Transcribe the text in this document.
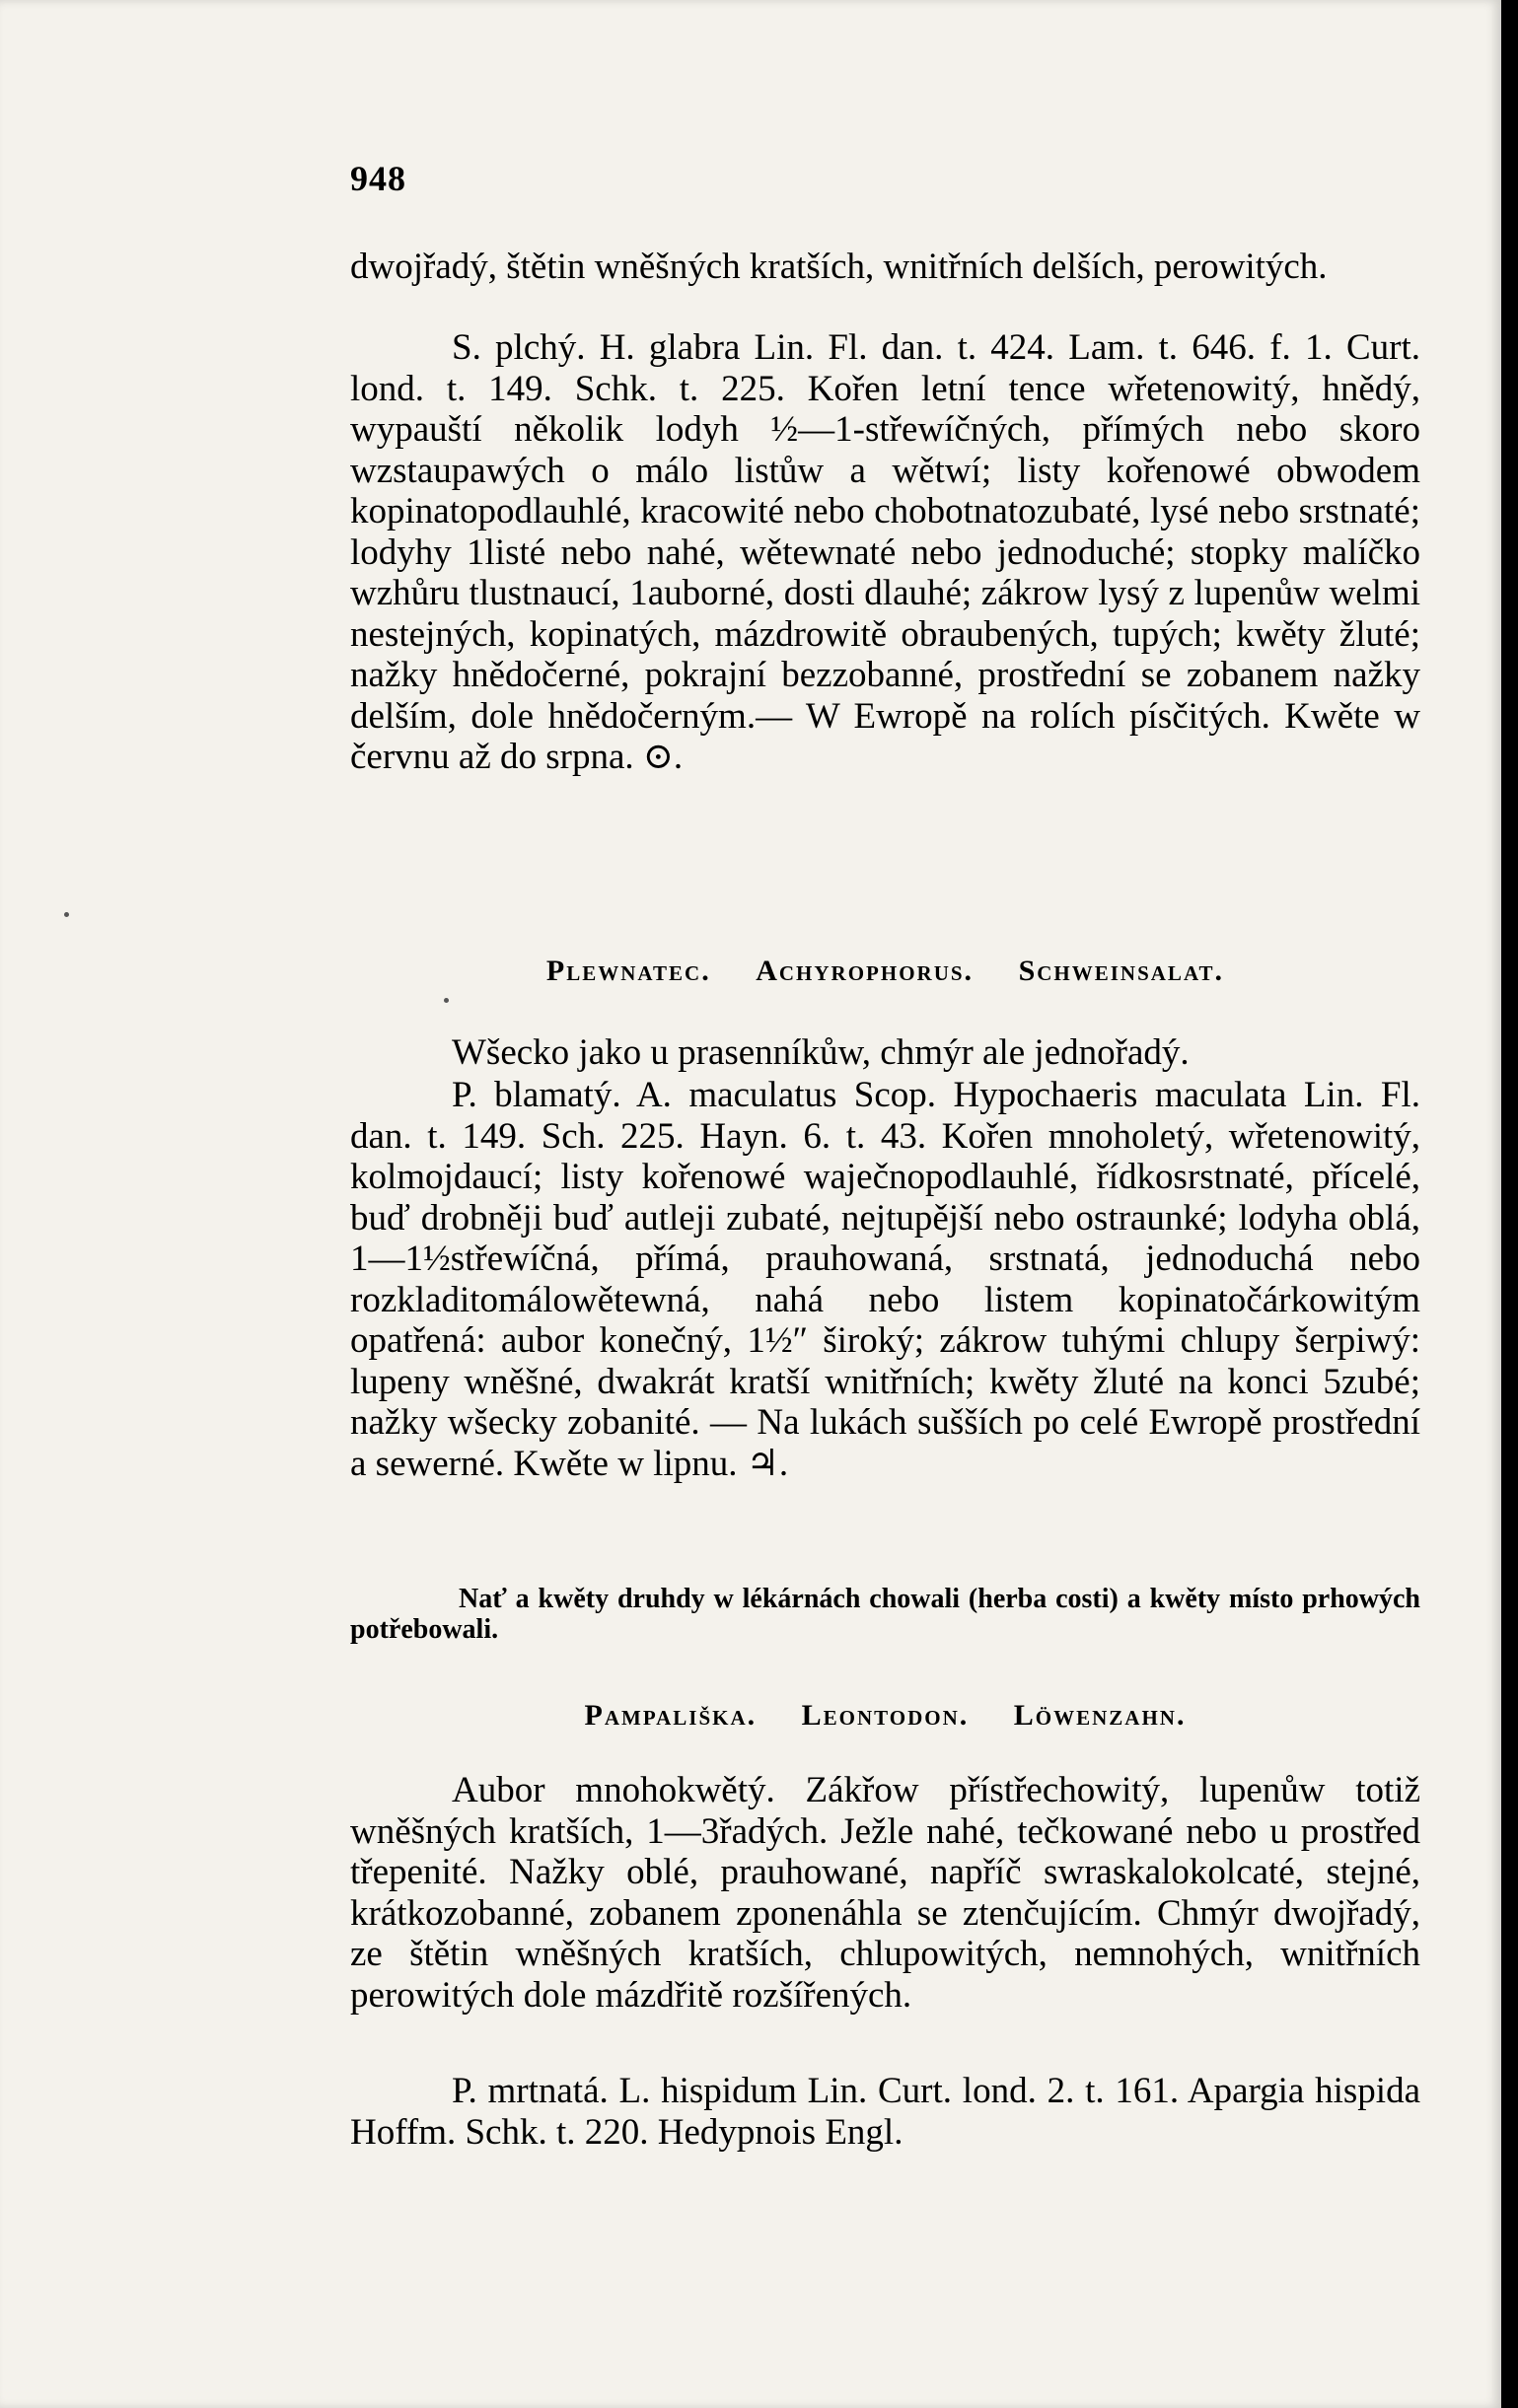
948
dwojřadý, štětin wněšných kratších, wnitřních delších, perowitých.
S. plchý. H. glabra Lin. Fl. dan. t. 424. Lam. t. 646. f. 1. Curt. lond. t. 149. Schk. t. 225. Kořen letní tence wřetenowitý, hnědý, wypauští několik lodyh ½—1-střewíčných, přímých nebo skoro wzstaupawých o málo listůw a wětwí; listy kořenowé obwodem kopinatopodlauhlé, kracowité nebo chobotnatozubaté, lysé nebo srstnaté; lodyhy 1listé nebo nahé, wětewnaté nebo jednoduché; stopky malíčko wzhůru tlustnaucí, 1auborné, dosti dlauhé; zákrow lysý z lupenůw welmi nestejných, kopinatých, mázdrowitě obraubených, tupých; kwěty žluté; nažky hnědočerné, pokrajní bezzobanné, prostřední se zobanem nažky delším, dole hnědočerným.— W Ewropě na rolích písčitých. Kwěte w červnu až do srpna. ⊙.
Plewnatec. Achyrophorus. Schweinsalat.
Wšecko jako u prasenníkůw, chmýr ale jednořadý.
P. blamatý. A. maculatus Scop. Hypochaeris maculata Lin. Fl. dan. t. 149. Sch. 225. Hayn. 6. t. 43. Kořen mnoholetý, wřetenowitý, kolmojdaucí; listy kořenowé waječnopodlauhlé, řídkosrstnaté, přícelé, buď drobněji buď autleji zubaté, nejtupější nebo ostraunké; lodyha oblá, 1—1½střewíčná, přímá, prauhowaná, srstnatá, jednoduchá nebo rozkladitomálowětewná, nahá nebo listem kopinatočárkowitým opatřená: aubor konečný, 1½″ široký; zákrow tuhými chlupy šerpiwý: lupeny wněšné, dwakrát kratší wnitřních; kwěty žluté na konci 5zubé; nažky wšecky zobanité. — Na lukách sušších po celé Ewropě prostřední a sewerné. Kwěte w lipnu. ♃.
Nať a kwěty druhdy w lékárnách chowali (herba costi) a kwěty místo prhowých potřebowali.
Pampališka. Leontodon. Löwenzahn.
Aubor mnohokwětý. Zákřow přístřechowitý, lupenůw totiž wněšných kratších, 1—3řadých. Ježle nahé, tečkowané nebo u prostřed třepenité. Nažky oblé, prauhowané, napříč swraskalokolcaté, stejné, krátkozobanné, zobanem zponenáhla se ztenčujícím. Chmýr dwojřadý, ze štětin wněšných kratších, chlupowitých, nemnohých, wnitřních perowitých dole mázdřitě rozšířených.
P. mrtnatá. L. hispidum Lin. Curt. lond. 2. t. 161. Apargia hispida Hoffm. Schk. t. 220. Hedypnois Engl.
